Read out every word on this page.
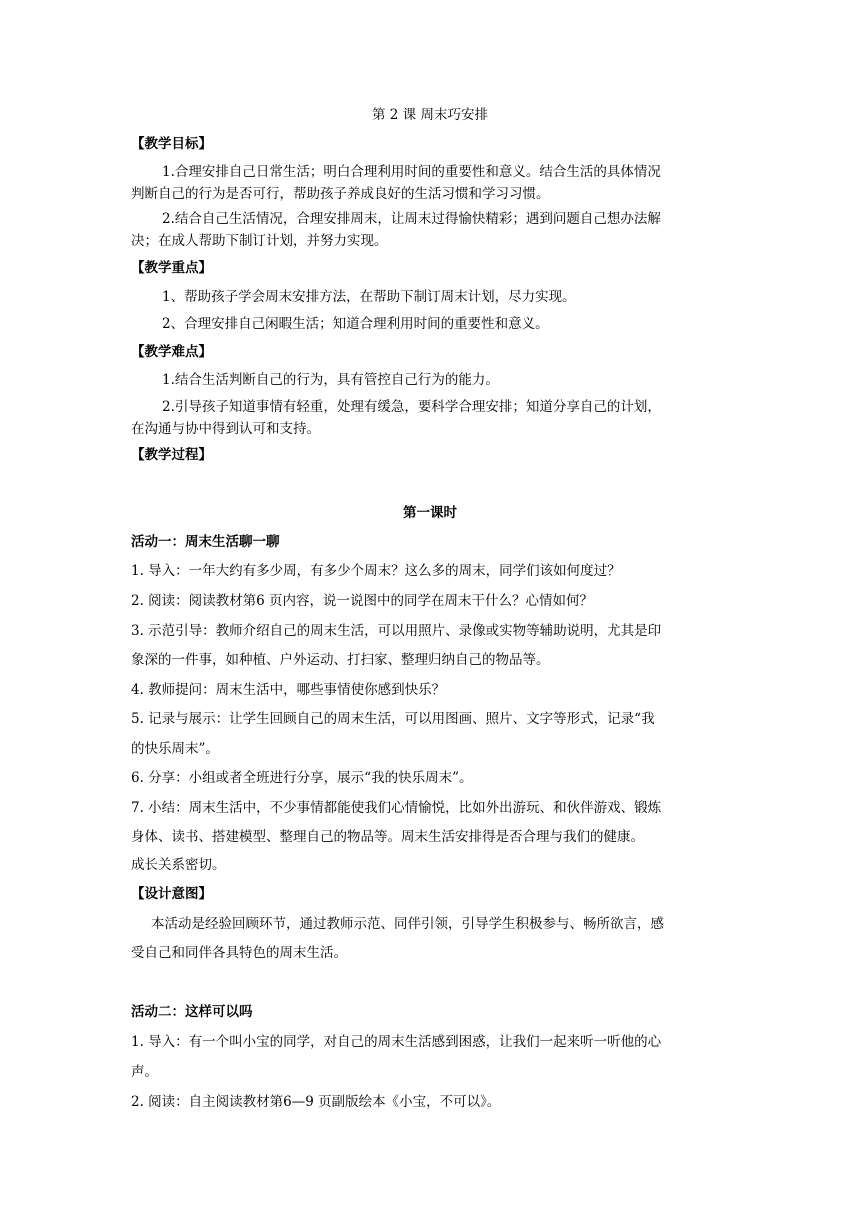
第 2 课 周末巧安排
【教学目标】
1.合理安排自己日常生活；明白合理利用时间的重要性和意义。结合生活的具体情况
判断自己的行为是否可行，帮助孩子养成良好的生活习惯和学习习惯。
2.结合自己生活情况，合理安排周末，让周末过得愉快精彩；遇到问题自己想办法解
决；在成人帮助下制订计划，并努力实现。
【教学重点】
1、帮助孩子学会周末安排方法，在帮助下制订周末计划，尽力实现。
2、合理安排自己闲暇生活；知道合理利用时间的重要性和意义。
【教学难点】
1.结合生活判断自己的行为，具有管控自己行为的能力。
2.引导孩子知道事情有轻重，处理有缓急，要科学合理安排；知道分享自己的计划，
在沟通与协中得到认可和支持。
【教学过程】
第一课时
活动一：周末生活聊一聊
1. 导入：一年大约有多少周，有多少个周末？这么多的周末，同学们该如何度过？
2. 阅读：阅读教材第6 页内容，说一说图中的同学在周末干什么？心情如何？
3. 示范引导：教师介绍自己的周末生活，可以用照片、录像或实物等辅助说明，尤其是印
象深的一件事，如种植、户外运动、打扫家、整理归纳自己的物品等。
4. 教师提问：周末生活中，哪些事情使你感到快乐？
5. 记录与展示：让学生回顾自己的周末生活，可以用图画、照片、文字等形式，记录“我
的快乐周末”。
6. 分享：小组或者全班进行分享，展示“我的快乐周末”。
7. 小结：周末生活中，不少事情都能使我们心情愉悦，比如外出游玩、和伙伴游戏、锻炼
身体、读书、搭建模型、整理自己的物品等。周末生活安排得是否合理与我们的健康。
成长关系密切。
【设计意图】
本活动是经验回顾环节，通过教师示范、同伴引领，引导学生积极参与、畅所欲言，感
受自己和同伴各具特色的周末生活。
活动二：这样可以吗
1. 导入：有一个叫小宝的同学，对自己的周末生活感到困惑，让我们一起来听一听他的心
声。
2. 阅读：自主阅读教材第6—9 页副版绘本《小宝，不可以》。
